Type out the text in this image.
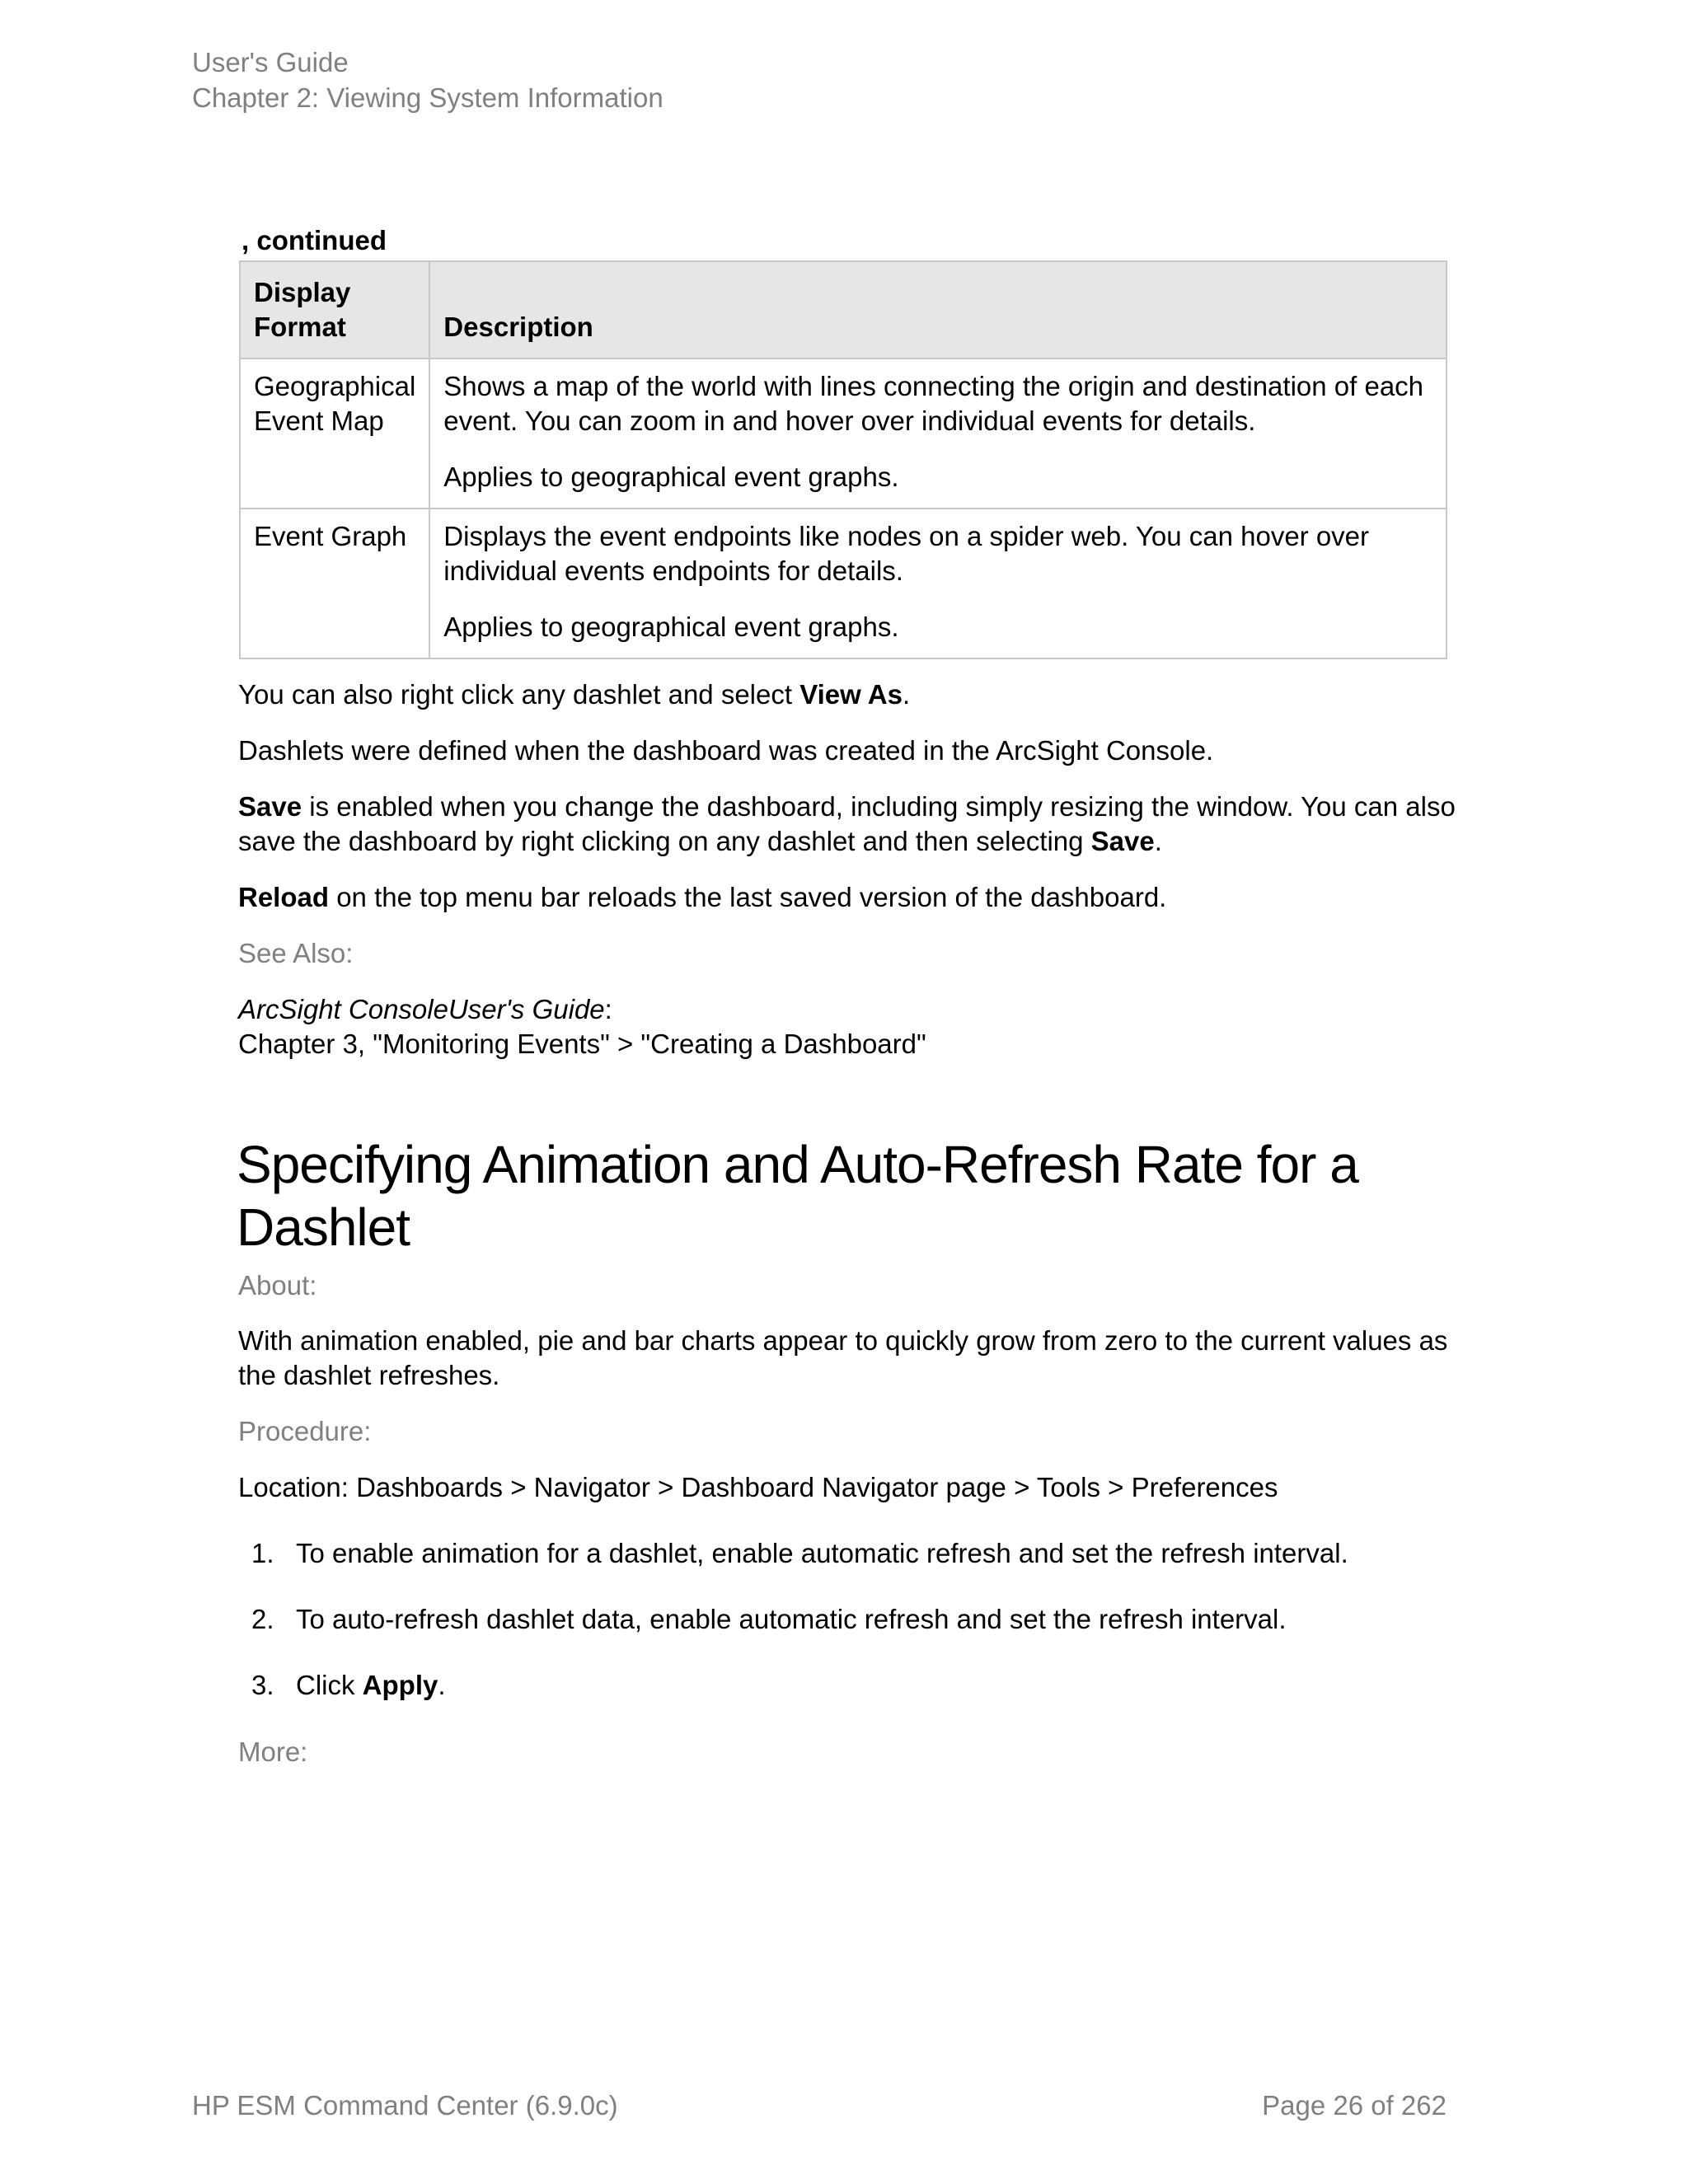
User's Guide
Chapter 2: Viewing System Information
, continued
Display Format	Description
Geographical Event Map	Shows a map of the world with lines connecting the origin and destination of each event. You can zoom in and hover over individual events for details.

Applies to geographical event graphs.

Event Graph	Displays the event endpoints like nodes on a spider web. You can hover over individual events endpoints for details.

Applies to geographical event graphs.

You can also right click any dashlet and select View As.

Dashlets were defined when the dashboard was created in the ArcSight Console.

Save is enabled when you change the dashboard, including simply resizing the window. You can also save the dashboard by right clicking on any dashlet and then selecting Save.

Reload on the top menu bar reloads the last saved version of the dashboard.

See Also:

ArcSight ConsoleUser's Guide:

Chapter 3, "Monitoring Events" > "Creating a Dashboard"

Specifying Animation and Auto-Refresh Rate for a Dashlet
About:

With animation enabled, pie and bar charts appear to quickly grow from zero to the current values as the dashlet refreshes.

Procedure:

Location: Dashboards > Navigator > Dashboard Navigator page > Tools > Preferences

1. To enable animation for a dashlet, enable automatic refresh and set the refresh interval.
2. To auto-refresh dashlet data, enable automatic refresh and set the refresh interval.
3. Click Apply.
More:
HP ESM Command Center (6.9.0c)	Page 26 of 262
